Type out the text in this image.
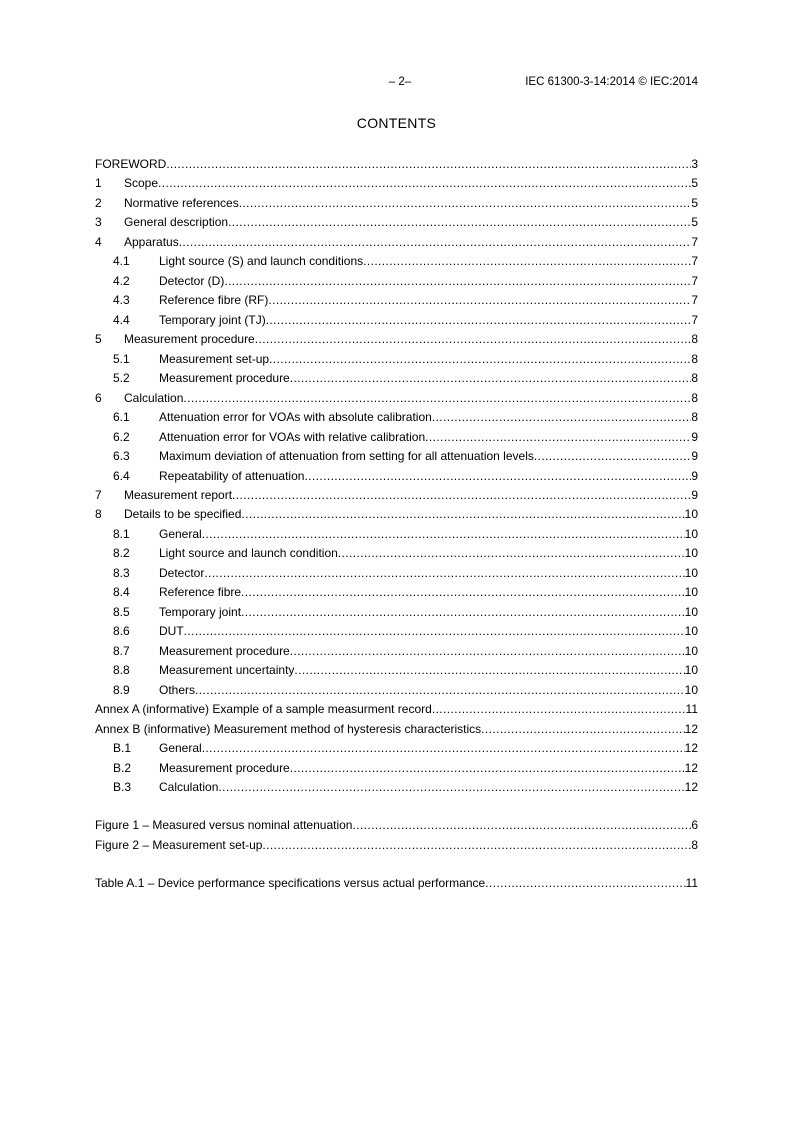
– 2–	IEC 61300-3-14:2014 © IEC:2014
CONTENTS
FOREWORD .....	3
1	Scope .....	5
2	Normative references .....	5
3	General description .....	5
4	Apparatus .....	7
4.1	Light source (S) and launch conditions .....	7
4.2	Detector (D) .....	7
4.3	Reference fibre (RF) .....	7
4.4	Temporary joint (TJ) .....	7
5	Measurement procedure .....	8
5.1	Measurement set-up .....	8
5.2	Measurement procedure .....	8
6	Calculation .....	8
6.1	Attenuation error for VOAs with absolute calibration .....	8
6.2	Attenuation error for VOAs with relative calibration .....	9
6.3	Maximum deviation of attenuation from setting for all attenuation levels .....	9
6.4	Repeatability of attenuation .....	9
7	Measurement report .....	9
8	Details to be specified .....	10
8.1	General .....	10
8.2	Light source and launch condition .....	10
8.3	Detector .....	10
8.4	Reference fibre .....	10
8.5	Temporary joint .....	10
8.6	DUT .....	10
8.7	Measurement procedure .....	10
8.8	Measurement uncertainty .....	10
8.9	Others .....	10
Annex A (informative) Example of a sample measurment record .....	11
Annex B (informative) Measurement method of hysteresis characteristics .....	12
B.1	General .....	12
B.2	Measurement procedure .....	12
B.3	Calculation .....	12
Figure 1 – Measured versus nominal attenuation .....	6
Figure 2 – Measurement set-up .....	8
Table A.1 – Device performance specifications versus actual performance .....	11
